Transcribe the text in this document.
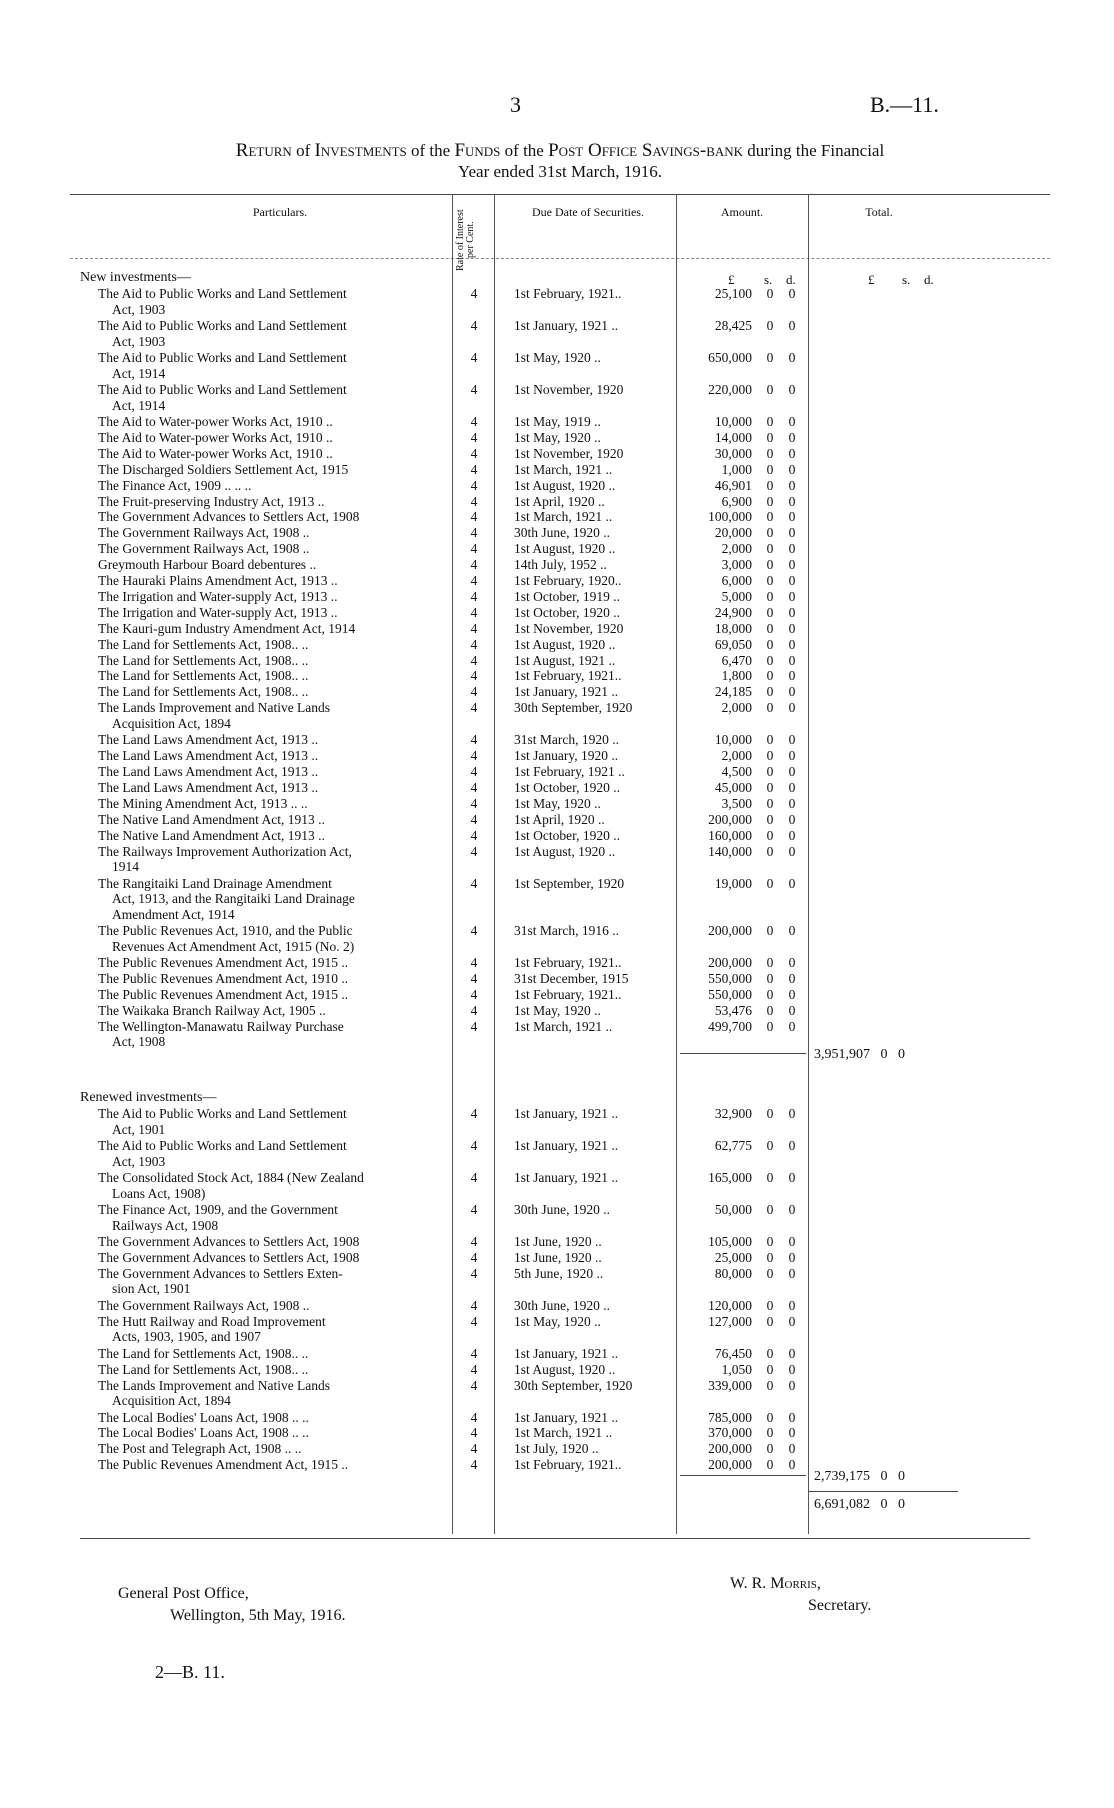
3	B.—11.
Return of Investments of the Funds of the Post Office Savings-bank during the Financial
Year ended 31st March, 1916.
Particulars.	Rate of Interest per Cent.
Due Date of Securities.	Amount.	Total.
£ s. d.	£ s. d.
New investments—
The Aid to Public Works and Land Settlement
Act, 1903
4	1st February, 1921..	25,100 0 0
The Aid to Public Works and Land Settlement
Act, 1903
4	1st January, 1921 ..	28,425 0 0
The Aid to Public Works and Land Settlement
Act, 1914
4	1st May, 1920 ..	650,000 0 0
The Aid to Public Works and Land Settlement
Act, 1914
4	1st November, 1920	220,000 0 0
The Aid to Water-power Works Act, 1910 ..	4	1st May, 1919 ..	10,000 0 0
The Aid to Water-power Works Act, 1910 ..	4	1st May, 1920 ..	14,000 0 0
The Aid to Water-power Works Act, 1910 ..	4	1st November, 1920	30,000 0 0
The Discharged Soldiers Settlement Act, 1915	4	1st March, 1921 ..	1,000 0 0
The Finance Act, 1909 .. .. ..	4	1st August, 1920 ..	46,901 0 0
The Fruit-preserving Industry Act, 1913 ..	4	1st April, 1920 ..	6,900 0 0
The Government Advances to Settlers Act, 1908	4	1st March, 1921 ..	100,000 0 0
The Government Railways Act, 1908 ..	4	30th June, 1920 ..	20,000 0 0
The Government Railways Act, 1908 ..	4	1st August, 1920 ..	2,000 0 0
Greymouth Harbour Board debentures ..	4	14th July, 1952 ..	3,000 0 0
The Hauraki Plains Amendment Act, 1913 ..	4	1st February, 1920..	6,000 0 0
The Irrigation and Water-supply Act, 1913 ..	4	1st October, 1919 ..	5,000 0 0
The Irrigation and Water-supply Act, 1913 ..	4	1st October, 1920 ..	24,900 0 0
The Kauri-gum Industry Amendment Act, 1914	4	1st November, 1920	18,000 0 0
The Land for Settlements Act, 1908.. ..	4	1st August, 1920 ..	69,050 0 0
The Land for Settlements Act, 1908.. ..	4	1st August, 1921 ..	6,470 0 0
The Land for Settlements Act, 1908.. ..	4	1st February, 1921..	1,800 0 0
The Land for Settlements Act, 1908.. ..	4	1st January, 1921 ..	24,185 0 0
The Lands Improvement and Native Lands
Acquisition Act, 1894
4	30th September, 1920	2,000 0 0
The Land Laws Amendment Act, 1913 ..	4	31st March, 1920 ..	10,000 0 0
The Land Laws Amendment Act, 1913 ..	4	1st January, 1920 ..	2,000 0 0
The Land Laws Amendment Act, 1913 ..	4	1st February, 1921 ..	4,500 0 0
The Land Laws Amendment Act, 1913 ..	4	1st October, 1920 ..	45,000 0 0
The Mining Amendment Act, 1913 .. ..	4	1st May, 1920 ..	3,500 0 0
The Native Land Amendment Act, 1913 ..	4	1st April, 1920 ..	200,000 0 0
The Native Land Amendment Act, 1913 ..	4	1st October, 1920 ..	160,000 0 0
The Railways Improvement Authorization Act,
1914
4	1st August, 1920 ..	140,000 0 0
The Rangitaiki Land Drainage Amendment
Act, 1913, and the Rangitaiki Land Drainage
Amendment Act, 1914
4	1st September, 1920	19,000 0 0
The Public Revenues Act, 1910, and the Public
Revenues Act Amendment Act, 1915 (No. 2)
4	31st March, 1916 ..	200,000 0 0
The Public Revenues Amendment Act, 1915 ..	4	1st February, 1921..	200,000 0 0
The Public Revenues Amendment Act, 1910 ..	4	31st December, 1915	550,000 0 0
The Public Revenues Amendment Act, 1915 ..	4	1st February, 1921..	550,000 0 0
The Waikaka Branch Railway Act, 1905 ..	4	1st May, 1920 ..	53,476 0 0
The Wellington-Manawatu Railway Purchase
Act, 1908
4	1st March, 1921 ..	499,700 0 0
3,951,907 0 0
Renewed investments—
The Aid to Public Works and Land Settlement
Act, 1901
4	1st January, 1921 ..	32,900 0 0
The Aid to Public Works and Land Settlement
Act, 1903
4	1st January, 1921 ..	62,775 0 0
The Consolidated Stock Act, 1884 (New Zealand
Loans Act, 1908)
4	1st January, 1921 ..	165,000 0 0
The Finance Act, 1909, and the Government
Railways Act, 1908
4	30th June, 1920 ..	50,000 0 0
The Government Advances to Settlers Act, 1908	4	1st June, 1920 ..	105,000 0 0
The Government Advances to Settlers Act, 1908	4	1st June, 1920 ..	25,000 0 0
The Government Advances to Settlers Exten-
sion Act, 1901
4	5th June, 1920 ..	80,000 0 0
The Government Railways Act, 1908 ..	4	30th June, 1920 ..	120,000 0 0
The Hutt Railway and Road Improvement
Acts, 1903, 1905, and 1907
4	1st May, 1920 ..	127,000 0 0
The Land for Settlements Act, 1908.. ..	4	1st January, 1921 ..	76,450 0 0
The Land for Settlements Act, 1908.. ..	4	1st August, 1920 ..	1,050 0 0
The Lands Improvement and Native Lands
Acquisition Act, 1894
4	30th September, 1920	339,000 0 0
The Local Bodies' Loans Act, 1908 .. ..	4	1st January, 1921 ..	785,000 0 0
The Local Bodies' Loans Act, 1908 .. ..	4	1st March, 1921 ..	370,000 0 0
The Post and Telegraph Act, 1908 .. ..	4	1st July, 1920 ..	200,000 0 0
The Public Revenues Amendment Act, 1915 ..	4	1st February, 1921..	200,000 0 0
2,739,175 0 0
6,691,082 0 0
General Post Office,
Wellington, 5th May, 1916.
W. R. Morris,
Secretary.
2—B. 11.
